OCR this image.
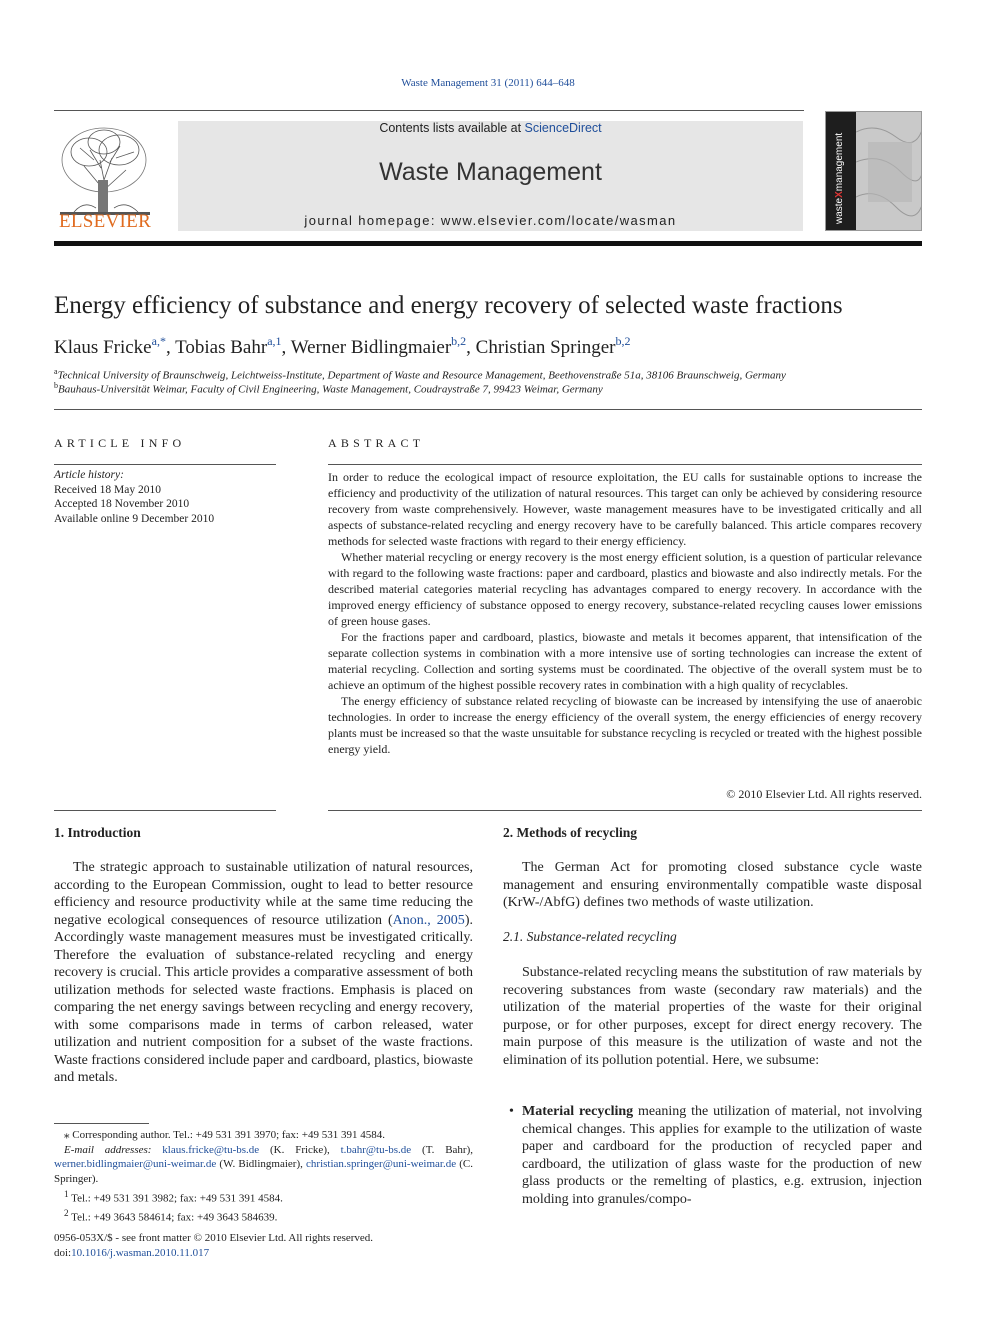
Waste Management 31 (2011) 644–648
ELSEVIER
Contents lists available at ScienceDirect
Waste Management
journal homepage: www.elsevier.com/locate/wasman	wasteXmanagement
Energy efficiency of substance and energy recovery of selected waste fractions
Klaus Fricke$^{a,*}$, Tobias Bahr$^{a,1}$, Werner Bidlingmaier$^{b,2}$, Christian Springer$^{b,2}$
$^a$Technical University of Braunschweig, Leichtweiss-Institute, Department of Waste and Resource Management, Beethovenstraße 51a, 38106 Braunschweig, Germany
$^b$Bauhaus-Universität Weimar, Faculty of Civil Engineering, Waste Management, Coudraystraße 7, 99423 Weimar, Germany
ARTICLE INFO
Article history:
Received 18 May 2010
Accepted 18 November 2010
Available online 9 December 2010
ABSTRACT

In order to reduce the ecological impact of resource exploitation, the EU calls for sustainable options to increase the efficiency and productivity of the utilization of natural resources. This target can only be achieved by considering resource recovery from waste comprehensively. However, waste management measures have to be investigated critically and all aspects of substance-related recycling and energy recovery have to be carefully balanced. This article compares recovery methods for selected waste fractions with regard to their energy efficiency.

Whether material recycling or energy recovery is the most energy efficient solution, is a question of particular relevance with regard to the following waste fractions: paper and cardboard, plastics and biowaste and also indirectly metals. For the described material categories material recycling has advantages compared to energy recovery. In accordance with the improved energy efficiency of substance opposed to energy recovery, substance-related recycling causes lower emissions of green house gases.

For the fractions paper and cardboard, plastics, biowaste and metals it becomes apparent, that intensification of the separate collection systems in combination with a more intensive use of sorting technologies can increase the extent of material recycling. Collection and sorting systems must be coordinated. The objective of the overall system must be to achieve an optimum of the highest possible recovery rates in combination with a high quality of recyclables.

The energy efficiency of substance related recycling of biowaste can be increased by intensifying the use of anaerobic technologies. In order to increase the energy efficiency of the overall system, the energy efficiencies of energy recovery plants must be increased so that the waste unsuitable for substance recycling is recycled or treated with the highest possible energy yield.

© 2010 Elsevier Ltd. All rights reserved.
1. Introduction

The strategic approach to sustainable utilization of natural resources, according to the European Commission, ought to lead to better resource efficiency and resource productivity while at the same time reducing the negative ecological consequences of resource utilization (Anon., 2005). Accordingly waste management measures must be investigated critically. Therefore the evaluation of substance-related recycling and energy recovery is crucial. This article provides a comparative assessment of both utilization methods for selected waste fractions. Emphasis is placed on comparing the net energy savings between recycling and energy recovery, with some comparisons made in terms of carbon released, water utilization and nutrient composition for a subset of the waste fractions. Waste fractions considered include paper and cardboard, plastics, biowaste and metals.

⁎ Corresponding author. Tel.: +49 531 391 3970; fax: +49 531 391 4584.
E-mail addresses: klaus.fricke@tu-bs.de (K. Fricke), t.bahr@tu-bs.de (T. Bahr), werner.bidlingmaier@uni-weimar.de (W. Bidlingmaier), christian.springer@uni-weimar.de (C. Springer).
$^1$ Tel.: +49 531 391 3982; fax: +49 531 391 4584.
$^2$ Tel.: +49 3643 584614; fax: +49 3643 584639.
0956-053X/$ - see front matter © 2010 Elsevier Ltd. All rights reserved.
doi:10.1016/j.wasman.2010.11.017
2. Methods of recycling

The German Act for promoting closed substance cycle waste management and ensuring environmentally compatible waste disposal (KrW-/AbfG) defines two methods of waste utilization.

2.1. Substance-related recycling

Substance-related recycling means the substitution of raw materials by recovering substances from waste (secondary raw materials) and the utilization of the material properties of the waste for their original purpose, or for other purposes, except for direct energy recovery. The main purpose of this measure is the utilization of waste and not the elimination of its pollution potential. Here, we subsume:

• Material recycling meaning the utilization of material, not involving chemical changes. This applies for example to the utilization of waste paper and cardboard for the production of recycled paper and cardboard, the utilization of glass waste for the production of new glass products or the remelting of plastics, e.g. extrusion, injection molding into granules/compo-
